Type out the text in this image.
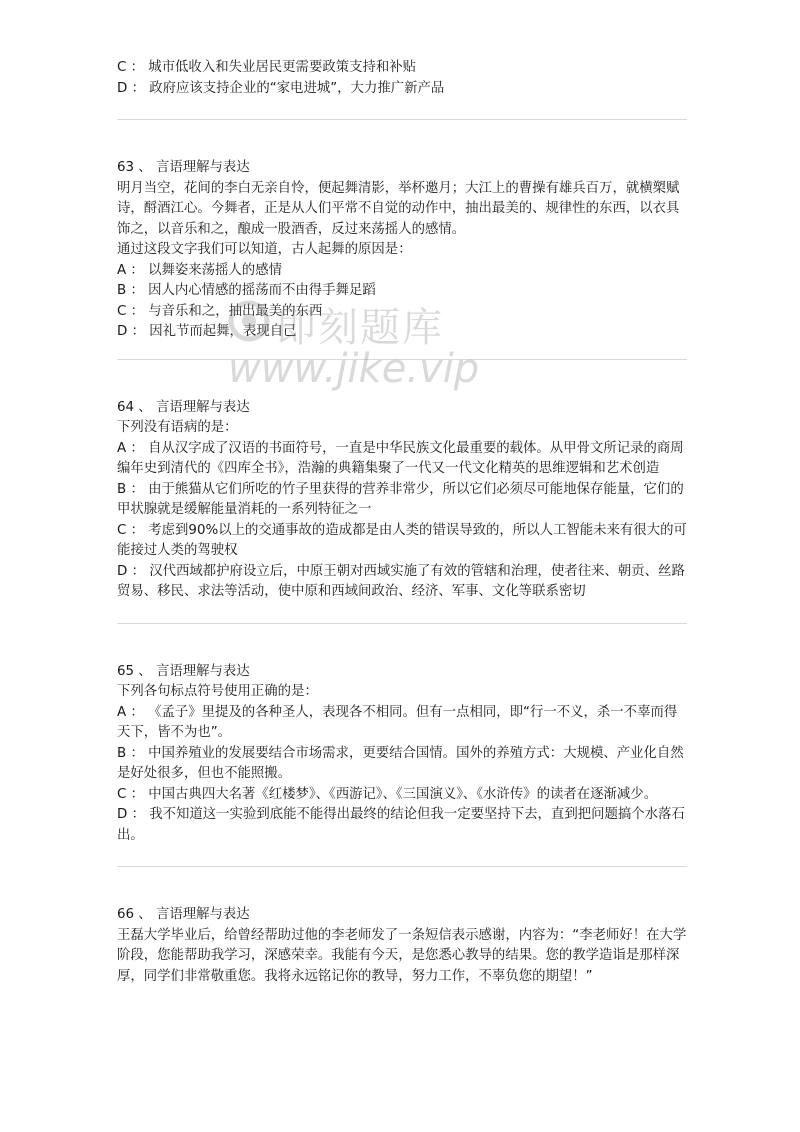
C ： 城市低收入和失业居民更需要政策支持和补贴
D ： 政府应该支持企业的“家电进城”，大力推广新产品
63 、 言语理解与表达
明月当空，花间的李白无亲自怜，便起舞清影，举杯邀月；大江上的曹操有雄兵百万，就横槊赋诗，酹酒江心。今舞者，正是从人们平常不自觉的动作中，抽出最美的、规律性的东西，以衣具饰之，以音乐和之，酿成一股酒香，反过来荡摇人的感情。
通过这段文字我们可以知道，古人起舞的原因是：
A ： 以舞姿来荡摇人的感情
B ： 因人内心情感的摇荡而不由得手舞足蹈
C ： 与音乐和之，抽出最美的东西
D ： 因礼节而起舞，表现自己
64 、 言语理解与表达
下列没有语病的是：
A ： 自从汉字成了汉语的书面符号，一直是中华民族文化最重要的载体。从甲骨文所记录的商周编年史到清代的《四库全书》，浩瀚的典籍集聚了一代又一代文化精英的思维逻辑和艺术创造
B ： 由于熊猫从它们所吃的竹子里获得的营养非常少，所以它们必须尽可能地保存能量，它们的甲状腺就是缓解能量消耗的一系列特征之一
C ： 考虑到90%以上的交通事故的造成都是由人类的错误导致的，所以人工智能未来有很大的可能接过人类的驾驶权
D ： 汉代西域都护府设立后，中原王朝对西域实施了有效的管辖和治理，使者往来、朝贡、丝路贸易、移民、求法等活动，使中原和西域间政治、经济、军事、文化等联系密切
65 、 言语理解与表达
下列各句标点符号使用正确的是：
A ： 《孟子》里提及的各种圣人，表现各不相同。但有一点相同，即“行一不义，杀一不辜而得天下，皆不为也”。
B ： 中国养殖业的发展要结合市场需求，更要结合国情。国外的养殖方式：大规模、产业化自然是好处很多，但也不能照搬。
C ： 中国古典四大名著《红楼梦》、《西游记》、《三国演义》、《水浒传》的读者在逐渐减少。
D ： 我不知道这一实验到底能不能得出最终的结论但我一定要坚持下去，直到把问题搞个水落石出。
66 、 言语理解与表达
王磊大学毕业后，给曾经帮助过他的李老师发了一条短信表示感谢，内容为：“李老师好！在大学阶段，您能帮助我学习，深感荣幸。我能有今天，是您悉心教导的结果。您的教学造诣是那样深厚，同学们非常敬重您。我将永远铭记你的教导，努力工作，不辜负您的期望！”
即刻题库
www.jike.vip
